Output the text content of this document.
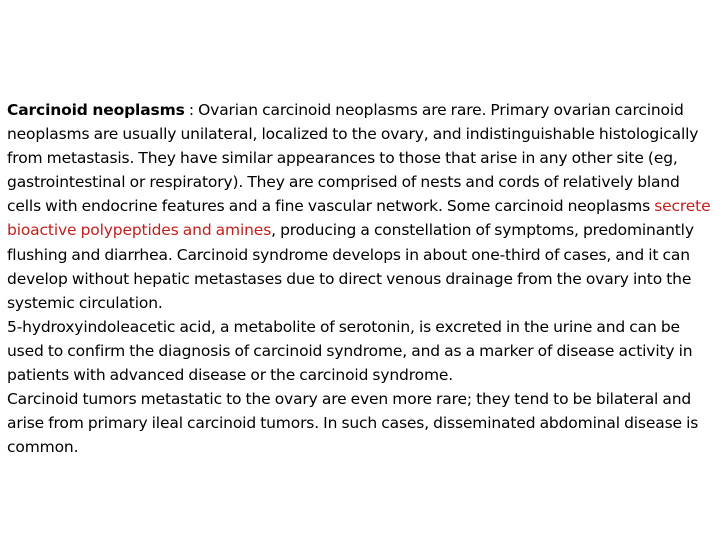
Carcinoid neoplasms : Ovarian carcinoid neoplasms are rare. Primary ovarian carcinoid neoplasms are usually unilateral, localized to the ovary, and indistinguishable histologically from metastasis. They have similar appearances to those that arise in any other site (eg, gastrointestinal or respiratory). They are comprised of nests and cords of relatively bland cells with endocrine features and a fine vascular network. Some carcinoid neoplasms secrete bioactive polypeptides and amines, producing a constellation of symptoms, predominantly flushing and diarrhea. Carcinoid syndrome develops in about one-third of cases, and it can develop without hepatic metastases due to direct venous drainage from the ovary into the systemic circulation.

5-hydroxyindoleacetic acid, a metabolite of serotonin, is excreted in the urine and can be used to confirm the diagnosis of carcinoid syndrome, and as a marker of disease activity in patients with advanced disease or the carcinoid syndrome.

Carcinoid tumors metastatic to the ovary are even more rare; they tend to be bilateral and arise from primary ileal carcinoid tumors. In such cases, disseminated abdominal disease is common.
